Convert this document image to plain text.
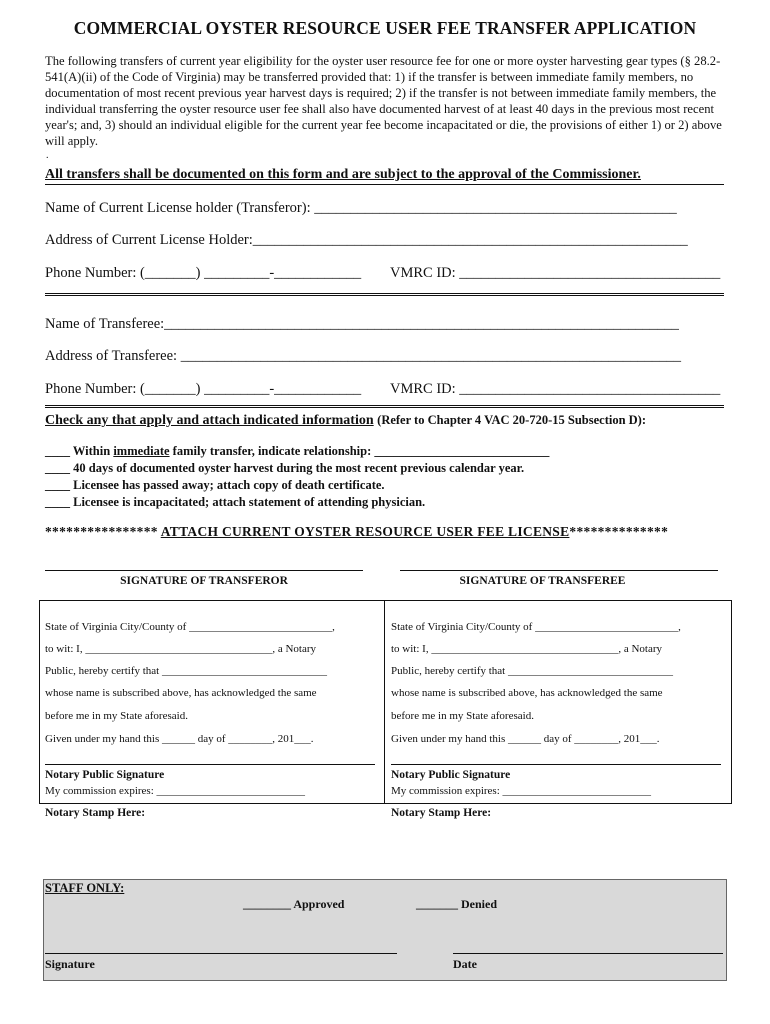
COMMERCIAL OYSTER RESOURCE USER FEE TRANSFER APPLICATION
The following transfers of current year eligibility for the oyster user resource fee for one or more oyster harvesting gear types (§ 28.2-541(A)(ii) of the Code of Virginia) may be transferred provided that: 1) if the transfer is between immediate family members, no documentation of most recent previous year harvest days is required; 2) if the transfer is not between immediate family members, the individual transferring the oyster resource user fee shall also have documented harvest of at least 40 days in the previous most recent year's; and, 3) should an individual eligible for the current year fee become incapacitated or die, the provisions of either 1) or 2) above will apply.
.
All transfers shall be documented on this form and are subject to the approval of the Commissioner.
Name of Current License holder (Transferor): __________________________________________________
Address of Current License Holder:____________________________________________________________
Phone Number: (_______) _________-____________ VMRC ID: ____________________________________
Name of Transferee:_______________________________________________________________________
Address of Transferee: _____________________________________________________________________
Phone Number: (_______) _________-____________ VMRC ID: ____________________________________
Check any that apply and attach indicated information (Refer to Chapter 4 VAC 20-720-15 Subsection D):
____ Within immediate family transfer, indicate relationship: ____________________________
____ 40 days of documented oyster harvest during the most recent previous calendar year.
____ Licensee has passed away; attach copy of death certificate.
____ Licensee is incapacitated; attach statement of attending physician.
**************** ATTACH CURRENT OYSTER RESOURCE USER FEE LICENSE**************
SIGNATURE OF TRANSFEROR	SIGNATURE OF TRANSFEREE
State of Virginia City/County of __________________________,
to wit: I, __________________________________, a Notary
Public, hereby certify that ______________________________
whose name is subscribed above, has acknowledged the same
before me in my State aforesaid.
Given under my hand this ______ day of ________, 201___.
Notary Public Signature
My commission expires: ___________________________
Notary Stamp Here:
State of Virginia City/County of __________________________,
to wit: I, __________________________________, a Notary
Public, hereby certify that ______________________________
whose name is subscribed above, has acknowledged the same
before me in my State aforesaid.
Given under my hand this ______ day of ________, 201___.
Notary Public Signature
My commission expires: ___________________________
Notary Stamp Here:
STAFF ONLY:
________ Approved	_______ Denied
Signature	Date
